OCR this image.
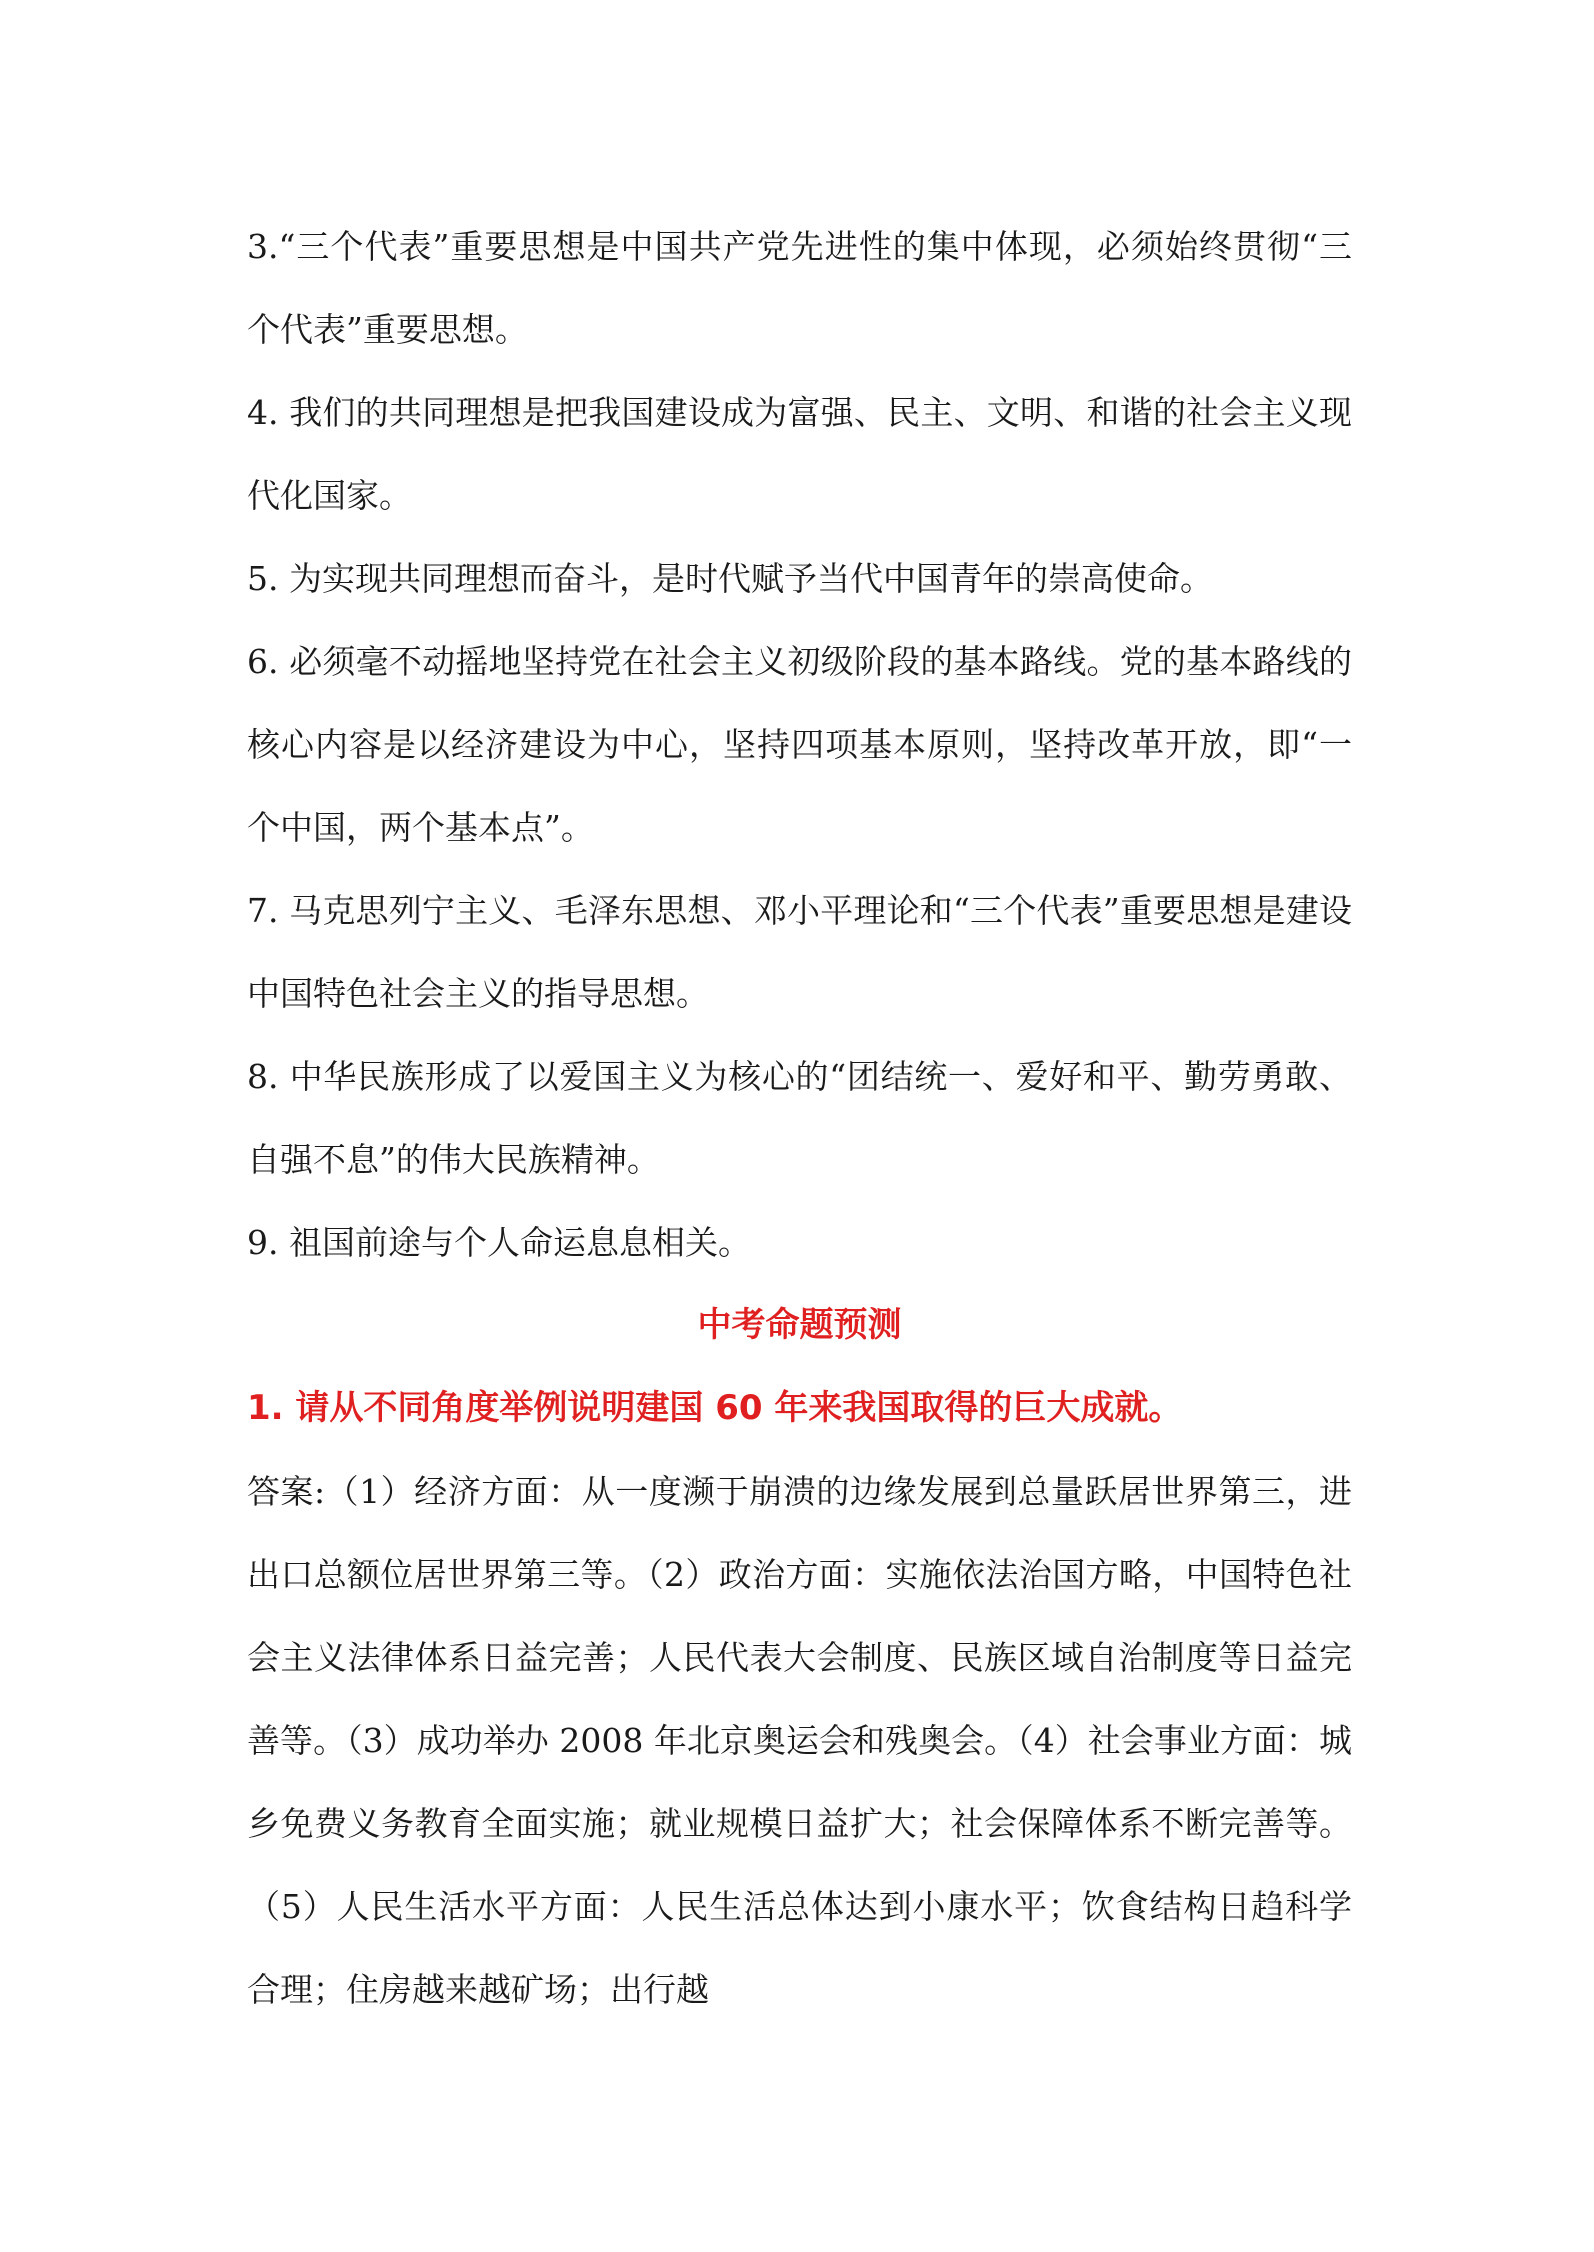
3.“三个代表”重要思想是中国共产党先进性的集中体现，必须始终贯彻“三个代表”重要思想。

4. 我们的共同理想是把我国建设成为富强、民主、文明、和谐的社会主义现代化国家。

5. 为实现共同理想而奋斗，是时代赋予当代中国青年的崇高使命。

6. 必须毫不动摇地坚持党在社会主义初级阶段的基本路线。党的基本路线的核心内容是以经济建设为中心，坚持四项基本原则，坚持改革开放，即“一个中国，两个基本点”。

7. 马克思列宁主义、毛泽东思想、邓小平理论和“三个代表”重要思想是建设中国特色社会主义的指导思想。

8. 中华民族形成了以爱国主义为核心的“团结统一、爱好和平、勤劳勇敢、自强不息”的伟大民族精神。

9. 祖国前途与个人命运息息相关。

中考命题预测

1. 请从不同角度举例说明建国 60 年来我国取得的巨大成就。

答案:（1）经济方面：从一度濒于崩溃的边缘发展到总量跃居世界第三，进出口总额位居世界第三等。（2）政治方面：实施依法治国方略，中国特色社会主义法律体系日益完善；人民代表大会制度、民族区域自治制度等日益完善等。（3）成功举办 2008 年北京奥运会和残奥会。（4）社会事业方面：城乡免费义务教育全面实施；就业规模日益扩大；社会保障体系不断完善等。（5）人民生活水平方面：人民生活总体达到小康水平；饮食结构日趋科学合理；住房越来越矿场；出行越
